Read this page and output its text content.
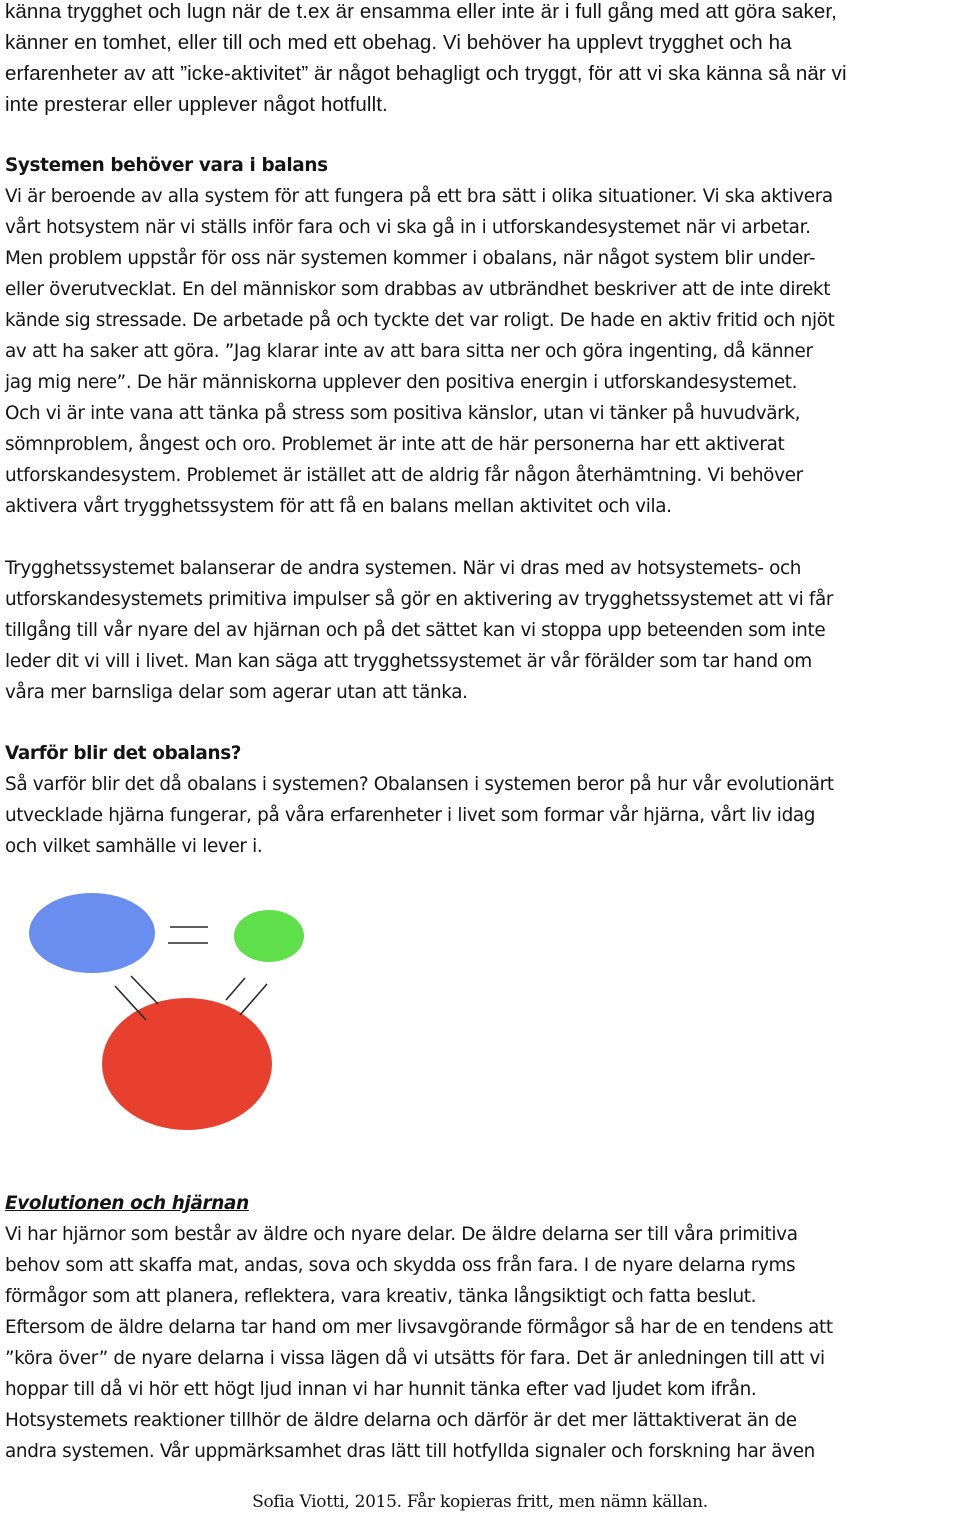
känna trygghet och lugn när de t.ex är ensamma eller inte är i full gång med att göra saker,
känner en tomhet, eller till och med ett obehag. Vi behöver ha upplevt trygghet och ha
erfarenheter av att ”icke-aktivitet” är något behagligt och tryggt, för att vi ska känna så när vi
inte presterar eller upplever något hotfullt.
Systemen behöver vara i balans
Vi är beroende av alla system för att fungera på ett bra sätt i olika situationer. Vi ska aktivera
vårt hotsystem när vi ställs inför fara och vi ska gå in i utforskandesystemet när vi arbetar.
Men problem uppstår för oss när systemen kommer i obalans, när något system blir under-
eller överutvecklat. En del människor som drabbas av utbrändhet beskriver att de inte direkt
kände sig stressade. De arbetade på och tyckte det var roligt. De hade en aktiv fritid och njöt
av att ha saker att göra. ”Jag klarar inte av att bara sitta ner och göra ingenting, då känner
jag mig nere”. De här människorna upplever den positiva energin i utforskandesystemet.
Och vi är inte vana att tänka på stress som positiva känslor, utan vi tänker på huvudvärk,
sömnproblem, ångest och oro. Problemet är inte att de här personerna har ett aktiverat
utforskandesystem. Problemet är istället att de aldrig får någon återhämtning. Vi behöver
aktivera vårt trygghetssystem för att få en balans mellan aktivitet och vila.
Trygghetssystemet balanserar de andra systemen. När vi dras med av hotsystemets- och
utforskandesystemets primitiva impulser så gör en aktivering av trygghetssystemet att vi får
tillgång till vår nyare del av hjärnan och på det sättet kan vi stoppa upp beteenden som inte
leder dit vi vill i livet. Man kan säga att trygghetssystemet är vår förälder som tar hand om
våra mer barnsliga delar som agerar utan att tänka.
Varför blir det obalans?
Så varför blir det då obalans i systemen? Obalansen i systemen beror på hur vår evolutionärt
utvecklade hjärna fungerar, på våra erfarenheter i livet som formar vår hjärna, vårt liv idag
och vilket samhälle vi lever i.
Evolutionen och hjärnan
Vi har hjärnor som består av äldre och nyare delar. De äldre delarna ser till våra primitiva
behov som att skaffa mat, andas, sova och skydda oss från fara. I de nyare delarna ryms
förmågor som att planera, reflektera, vara kreativ, tänka långsiktigt och fatta beslut.
Eftersom de äldre delarna tar hand om mer livsavgörande förmågor så har de en tendens att
”köra över” de nyare delarna i vissa lägen då vi utsätts för fara. Det är anledningen till att vi
hoppar till då vi hör ett högt ljud innan vi har hunnit tänka efter vad ljudet kom ifrån.
Hotsystemets reaktioner tillhör de äldre delarna och därför är det mer lättaktiverat än de
andra systemen. Vår uppmärksamhet dras lätt till hotfyllda signaler och forskning har även
Sofia Viotti, 2015. Får kopieras fritt, men nämn källan.
